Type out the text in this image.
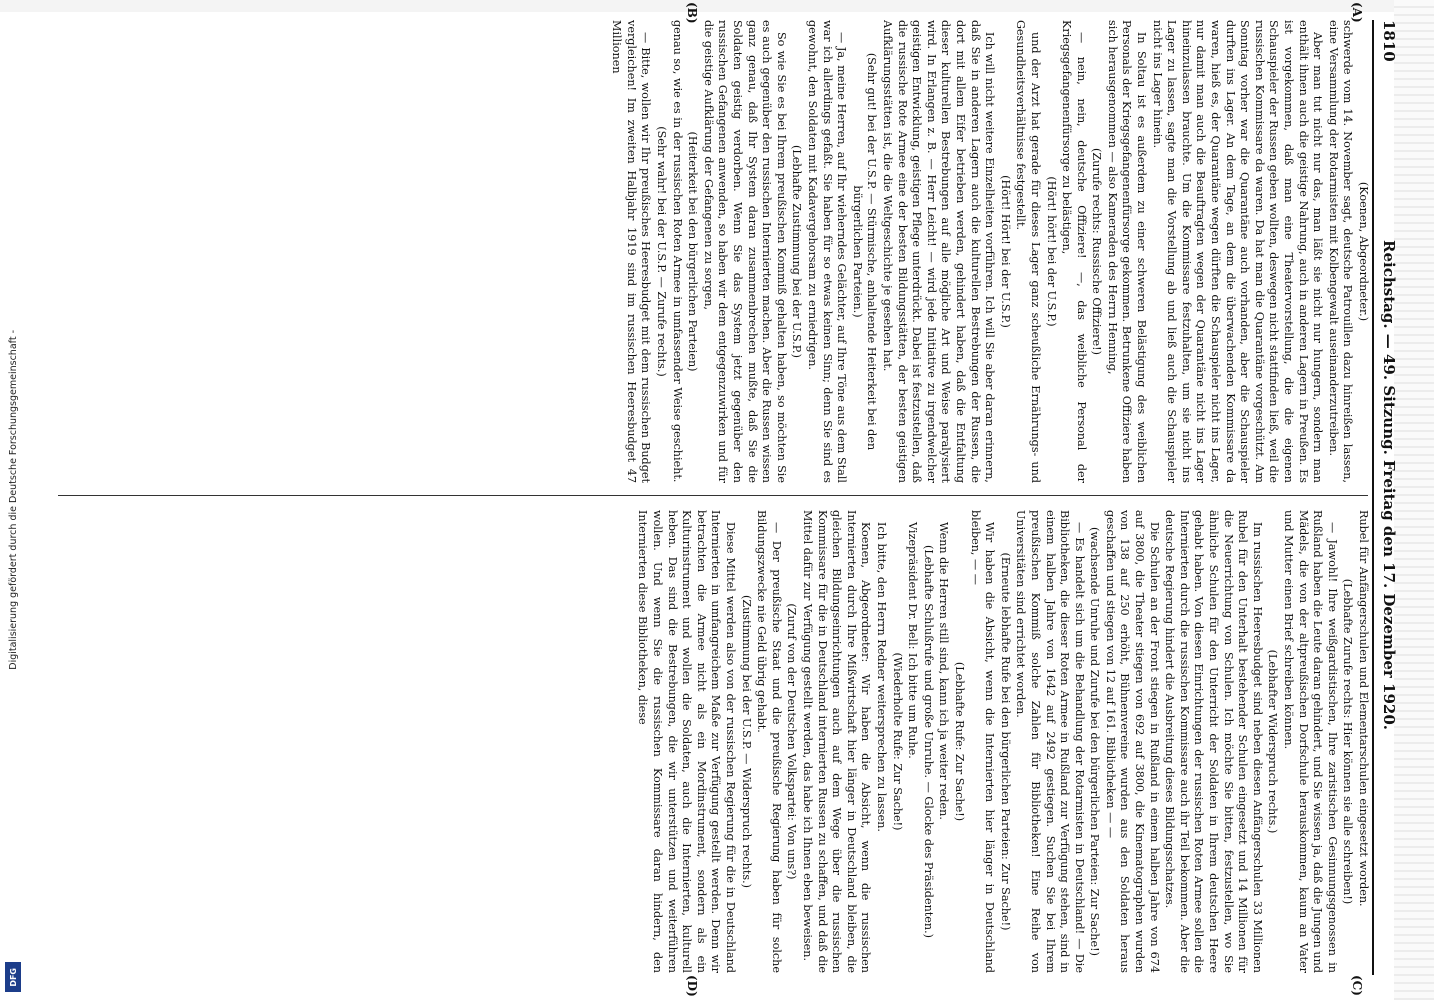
Digitalisierung gefördert durch die Deutsche Forschungsgemeinschaft -
DFG
1810
Reichstag. — 49. Sitzung. Freitag den 17. Dezember 1920.
(A)
(B)
(C)
(D)

(Koenen, Abgeordneter.)

schwerde vom 14. November sagt, deutsche Patrouillen dazu hinreißen lassen, eine Versammlung der Rotarmisten mit Kolbengewalt auseinanderzutreiben.

Aber man tut nicht nur das, man läßt sie nicht nur hungern, sondern man enthält ihnen auch die geistige Nahrung, auch in anderen Lagern in Preußen. Es ist vorgekommen, daß man eine Theatervorstellung, die die eigenen Schauspieler der Russen geben wollten, deswegen nicht stattfinden ließ, weil die russischen Kommissare da waren. Da hat man die Quarantäne vorgeschützt. Am Sonntag vorher war die Quarantäne auch vorhanden, aber die Schauspieler durften ins Lager. An dem Tage, an dem die überwachenden Kommissare da waren, hieß es, der Quarantäne wegen dürften die Schauspieler nicht ins Lager, nur damit man auch die Beauftragten wegen der Quarantäne nicht ins Lager hineinzulassen brauchte. Um die Kommissare festzuhalten, um sie nicht ins Lager zu lassen, sagte man die Vorstellung ab und ließ auch die Schauspieler nicht ins Lager hinein.

In Soltau ist es außerdem zu einer schweren Belästigung des weiblichen Personals der Kriegsgefangenenfürsorge gekommen. Betrunkene Offiziere haben sich herausgenommen — also Kameraden des Herrn Henning,

(Zurufe rechts: Russische Offiziere!)

— nein, nein, deutsche Offiziere! —, das weibliche Personal der Kriegsgefangenenfürsorge zu belästigen,

(Hört! hört! bei der U.S.P.)

und der Arzt hat gerade für dieses Lager ganz scheußliche Ernährungs- und Gesundheitsverhältnisse festgestellt.

(Hört! Hört! bei der U.S.P.)

Ich will nicht weitere Einzelheiten vorführen. Ich will Sie aber daran erinnern, daß Sie in anderen Lagern auch die kulturellen Bestrebungen der Russen, die dort mit allem Eifer betrieben werden, gehindert haben, daß die Entfaltung dieser kulturellen Bestrebungen auf alle mögliche Art und Weise paralysiert wird. In Erlangen z. B. — Herr Leicht! — wird jede Initiative zu irgendwelcher geistigen Entwicklung, geistigen Pflege unterdrückt. Dabei ist festzustellen, daß die russische Rote Armee eine der besten Bildungsstätten, der besten geistigen Aufklärungsstätten ist, die die Weltgeschichte je gesehen hat.

(Sehr gut! bei der U.S.P. — Stürmische, anhaltende Heiterkeit bei den bürgerlichen Parteien.)

— Ja, meine Herren, auf Ihr wieherndes Gelächter, auf Ihre Töne aus dem Stall war ich allerdings gefaßt. Sie haben für so etwas keinen Sinn; denn Sie sind es gewohnt, den Soldaten mit Kadavergehorsam zu erniedrigen.

(Lebhafte Zustimmung bei der U.S.P.)

So wie Sie es bei Ihrem preußischen Kommiß gehalten haben, so möchten Sie es auch gegenüber den russischen Internierten machen. Aber die Russen wissen ganz genau, daß Ihr System daran zusammenbrechen mußte, daß Sie die Soldaten geistig verdorben. Wenn Sie das System jetzt gegenüber den russischen Gefangenen anwenden, so haben wir dem entgegenzuwirken und für die geistige Aufklärung der Gefangenen zu sorgen,

(Heiterkeit bei den bürgerlichen Parteien)

genau so, wie es in der russischen Roten Armee in umfassender Weise geschieht.

(Sehr wahr! bei der U.S.P. — Zurufe rechts.)

— Bitte, wollen wir Ihr preußisches Heeresbudget mit dem russischen Budget vergleichen! Im zweiten Halbjahr 1919 sind im russischen Heeresbudget 47 Millionen

Rubel für Anfängerschulen und Elementarschulen eingesetzt worden.

(Lebhafte Zurufe rechts: Hier können sie alle schreiben!)

— Jawohl! Ihre weißgardistischen, Ihre zaristischen Gesinnungsgenossen in Rußland haben die Leute daran gehindert, und Sie wissen ja, daß die Jungen und Mädels, die von der altpreußischen Dorfschule herauskommen, kaum an Vater und Mutter einen Brief schreiben können.

(Lebhafter Widerspruch rechts.)

Im russischen Heeresbudget sind neben diesen Anfängerschulen 33 Millionen Rubel für den Unterhalt bestehender Schulen eingesetzt und 14 Millionen für die Neuerrichtung von Schulen. Ich möchte Sie bitten, festzustellen, wo Sie ähnliche Schulen für den Unterricht der Soldaten in Ihrem deutschen Heere gehabt haben. Von diesen Einrichtungen der russischen Roten Armee sollen die Internierten durch die russischen Kommissare auch ihr Teil bekommen. Aber die deutsche Regierung hindert die Ausbreitung dieses Bildungsschatzes.

Die Schulen an der Front stiegen in Rußland in einem halben Jahre von 674 auf 3800, die Theater stiegen von 692 auf 3800, die Kinematographen wurden von 138 auf 250 erhöht, Bühnenvereine wurden aus den Soldaten heraus geschaffen und stiegen von 12 auf 161. Bibliotheken — —

(wachsende Unruhe und Zurufe bei den bürgerlichen Parteien: Zur Sache!)

— Es handelt sich um die Behandlung der Rotarmisten in Deutschland! — Die Bibliotheken, die dieser Roten Armee in Rußland zur Verfügung stehen, sind in einem halben Jahre von 1642 auf 2492 gestiegen. Suchen Sie bei Ihrem preußischen Kommiß solche Zahlen für Bibliotheken! Eine Reihe von Universitäten sind errichtet worden.

(Erneute lebhafte Rufe bei den bürgerlichen Parteien: Zur Sache!)

Wir haben die Absicht, wenn die Internierten hier länger in Deutschland bleiben, — —

(Lebhafte Rufe: Zur Sache!)

Wenn die Herren still sind, kann ich ja weiter reden.

(Lebhafte Schlußrufe und große Unruhe. — Glocke des Präsidenten.)

Vizepräsident Dr. Bell: Ich bitte um Ruhe.

(Wiederholte Rufe: Zur Sache!)

Ich bitte, den Herrn Redner weitersprechen zu lassen.

Koenen, Abgeordneter: Wir haben die Absicht, wenn die russischen Internierten durch Ihre Mißwirtschaft hier länger in Deutschland bleiben, die gleichen Bildungseinrichtungen auch auf dem Wege über die russischen Kommissare für die in Deutschland internierten Russen zu schaffen, und daß die Mittel dafür zur Verfügung gestellt werden, das habe ich Ihnen eben beweisen.

(Zuruf von der Deutschen Volkspartei: Von uns?)

— Der preußische Staat und die preußische Regierung haben für solche Bildungszwecke nie Geld übrig gehabt.

(Zustimmung bei der U.S.P. — Widerspruch rechts.)

Diese Mittel werden also von der russischen Regierung für die in Deutschland Internierten in umfangreichem Maße zur Verfügung gestellt werden. Denn wir betrachten die Armee nicht als ein Mordinstrument, sondern als ein Kulturinstrument und wollen die Soldaten, auch die Internierten, kulturell heben. Das sind die Bestrebungen, die wir unterstützen und weiterführen wollen. Und wenn Sie die russischen Kommissare daran hindern, den Internierten diese Bibliotheken, diese
